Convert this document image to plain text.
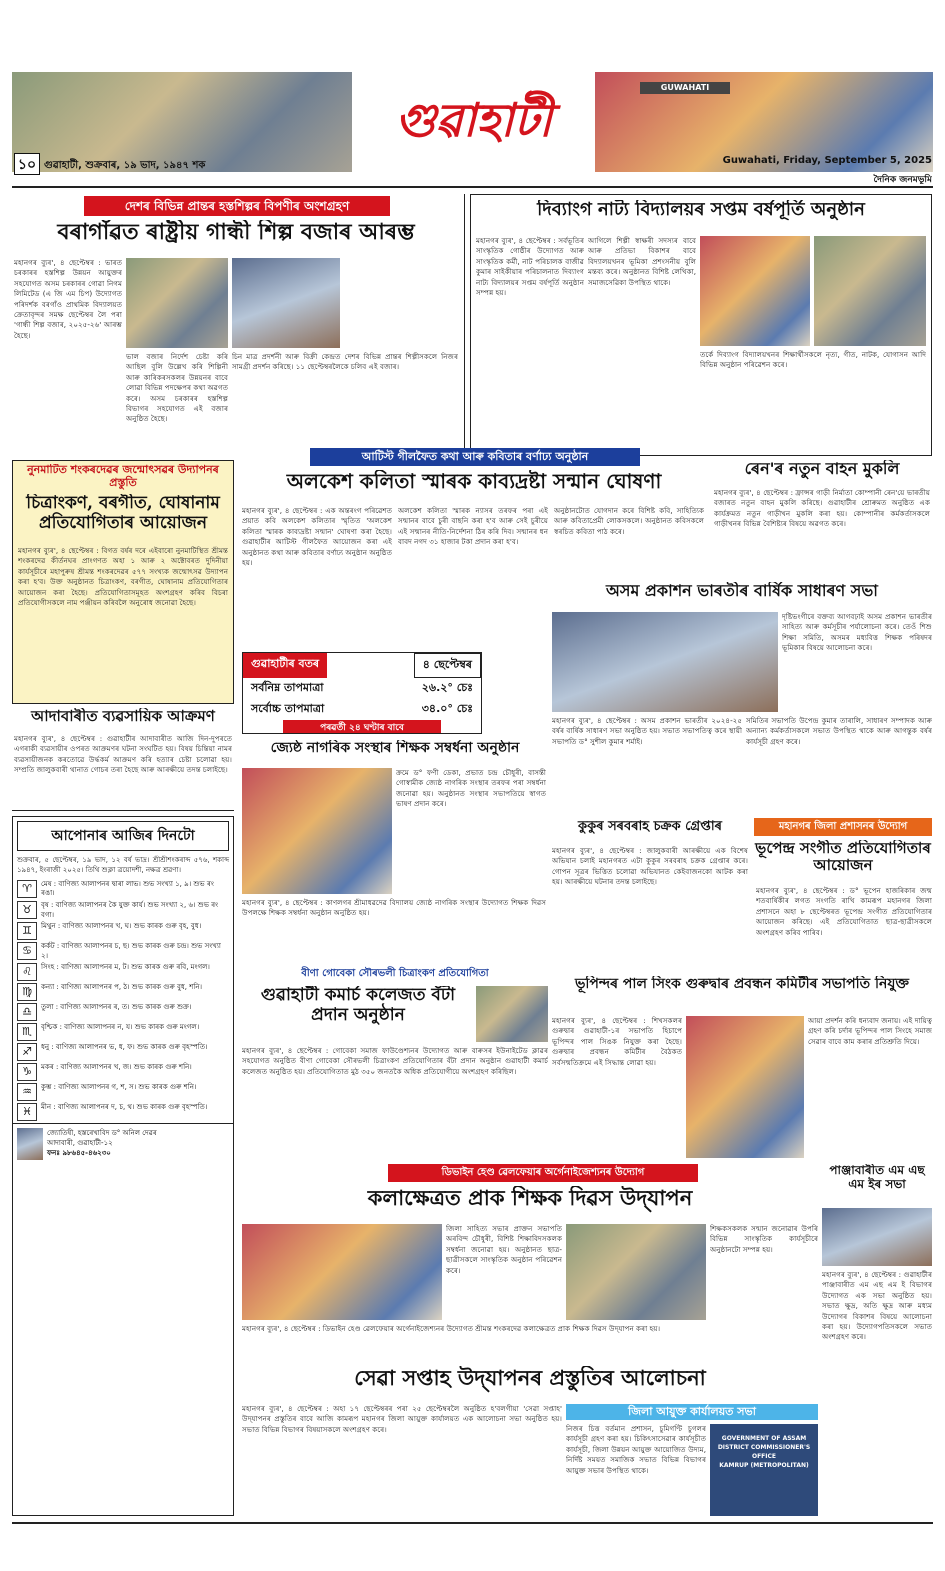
GUWAHATI
গুৱাহাটী
১০ গুৱাহাটী, শুক্ৰবাৰ, ১৯ ভাদ, ১৯৪৭ শক	Guwahati, Friday, September 5, 2025
দৈনিক জনমভূমি
দেশৰ বিভিন্ন প্ৰান্তৰ হস্তশিল্পৰ বিপণীৰ অংশগ্ৰহণ
বৰাগাঁৱত ৰাষ্ট্ৰীয় গান্ধী শিল্প বজাৰ আৰম্ভ
মহানগৰ ব্যুৰ', ৪ ছেপ্টেম্বৰ : ভাৰত চৰকাৰৰ হস্তশিল্প উন্নয়ন আয়ুক্তৰ সহযোগত অসম চৰকাৰৰ গোৱা নিগম লিমিটেড (এ জি এম চিপ) উদ্যোগত পৰিদৰ্শক বৰগাঁও প্ৰাথমিক বিদ্যালয়ত ক্ৰেতাবৃন্দৰ সমক্ষ ছেপ্টেম্বৰ লৈ পৰা 'গান্ধী শিল্প বজাৰ, ২০২৫-২৬' আৰম্ভ হৈছে।
ভাল বজাৰ নিৰ্দেশ চেষ্টা কৰি আছিল বুলি উল্লেখ কৰি শিল্পিনী আৰু কাৰিকৰসকলৰ উন্নয়নৰ বাবে লোৱা বিভিন্ন পদক্ষেপৰ কথা অৱগত কৰে। অসম চৰকাৰৰ হস্তশিল্প বিভাগৰ সহযোগত এই বজাৰ অনুষ্ঠিত হৈছে।
চিন মাত্ৰ প্ৰদৰ্শনী আৰু বিক্ৰী কেন্দ্ৰত দেশৰ বিভিন্ন প্ৰান্তৰ শিল্পীসকলে নিজৰ সামগ্ৰী প্ৰদৰ্শন কৰিছে। ১১ ছেপ্টেম্বৰলৈকে চলিব এই বজাৰ।
দিব্যাংগ নাট্য বিদ্যালয়ৰ সপ্তম বৰ্ষপূৰ্তি অনুষ্ঠান
মহানগৰ ব্যুৰ', ৪ ছেপ্টেম্বৰ : সৰ্বভূতিৰ সাংস্কৃতিক গোষ্ঠীৰ উদ্যোগত আৰু সাংস্কৃতিক কৰ্মী, নাট পৰিচালক বাজীৱ কুমাৰ সাইকীয়াৰ পৰিচালনাত দিব্যাংগ নাট্য বিদ্যালয়ৰ সপ্তম বৰ্ষপূৰ্তি অনুষ্ঠান সম্পন্ন হয়।
আগিলে শিল্পী স্বাক্ষৰী সদস্যৰ বাবে আৰু প্ৰতিভা বিকাশৰ বাবে বিদ্যালয়খনৰ ভূমিকা প্ৰশংসনীয় বুলি মন্তব্য কৰে। অনুষ্ঠানত বিশিষ্ট লেখিকা, সমাজসেৱিকা উপস্থিত থাকে।
তৰ্কে দিব্যাংগ বিদ্যালয়খনৰ শিক্ষাৰ্থীসকলে নৃত্য, গীত, নাটক, যোগাসন আদি বিভিন্ন অনুষ্ঠান পৰিৱেশন কৰে।
নুনমাটিত শংকৰদেৱৰ জন্মোৎসৱৰ উদ্যাপনৰ প্ৰস্তুতি
চিত্ৰাংকণ, বৰগীত, ঘোষানাম প্ৰতিযোগিতাৰ আয়োজন
মহানগৰ ব্যুৰ', ৪ ছেপ্টেম্বৰ : বিগত বৰ্ষৰ দৰে এইবাৰো নুনমাটিস্থিত শ্ৰীমন্ত শংকৰদেৱ কীৰ্তনঘৰ প্ৰাংগণত অহা ১ আৰু ২ অক্টোবৰত দুদিনীয়া কাৰ্যসূচীৰে মহাপুৰুষ শ্ৰীমন্ত শংকৰদেৱৰ ৫৭৭ সংখ্যক জন্মোৎসৱ উদ্যাপন কৰা হ'ব। উক্ত অনুষ্ঠানত চিত্ৰাংকণ, বৰগীত, ঘোষানাম প্ৰতিযোগিতাৰ আয়োজন কৰা হৈছে। প্ৰতিযোগিতাসমূহত অংশগ্ৰহণ কৰিব বিচৰা প্ৰতিযোগীসকলে নাম পঞ্জীয়ন কৰিবলৈ অনুৰোধ জনোৱা হৈছে।
আদাবাৰীত ব্যৱসায়িক আক্ৰমণ
মহানগৰ ব্যুৰ', ৪ ছেপ্টেম্বৰ : গুৱাহাটীৰ আদাবাৰীত আজি দিন-দুপৰতে এগৰাকী ব্যৱসায়ীৰ ওপৰত আক্ৰমণৰ ঘটনা সংঘটিত হয়। বিষয় চিন্তিয়া নামৰ ব্যৱসায়ীজনক কৰতোৱে উৰ্দ্ধকৰ্ম আক্ৰমণ কৰি হত্যাৰ চেষ্টা চলোৱা হয়। সম্প্ৰতি জালুকবাৰী থানাত গোচৰ তৰা হৈছে আৰু আৰক্ষীয়ে তদন্ত চলাইছে।
আটিস্ট গীলফৈত কথা আৰু কবিতাৰ বৰ্ণাঢ্য অনুষ্ঠান
অলকেশ কলিতা স্মাৰক কাব্যদ্ৰষ্টা সন্মান ঘোষণা
মহানগৰ ব্যুৰ', ৪ ছেপ্টেম্বৰ : এক অন্তৰংগ পৰিৱেশত প্ৰয়াত কবি অলকেশ কলিতাৰ স্মৃতিত 'অলকেশ কলিতা স্মাৰক কাব্যদ্ৰষ্টা সন্মান' ঘোষণা কৰা হৈছে। গুৱাহাটীৰ আটিস্ট গীলফৈত আয়োজন কৰা এই অনুষ্ঠানত কথা আৰু কবিতাৰ বৰ্ণাঢ্য অনুষ্ঠান অনুষ্ঠিত হয়।
অলকেশ কলিতা স্মাৰক ন্যাসৰ তৰফৰ পৰা এই সন্মানৰ বাবে চুৰী বাছনি কৰা হ'ব আৰু সেই চুৰীয়ে এই সন্মানৰ নীতি-নিৰ্দেশনা ঠিৰ কৰি দিব। সন্মানৰ ধন বাবদ নগদ ৩১ হাজাৰ টকা প্ৰদান কৰা হ'ব।
অনুষ্ঠানটোত যোগদান কৰে বিশিষ্ট কবি, সাহিত্যিক আৰু কবিতাপ্ৰেমী লোকসকলে। অনুষ্ঠানত কবিসকলে স্বৰচিত কবিতা পাঠ কৰে।
ৰেন'ৰ নতুন বাহন মুকলি
মহানগৰ ব্যুৰ', ৪ ছেপ্টেম্বৰ : ফ্ৰান্সৰ গাড়ী নিৰ্মাতা কোম্পানী ৰেন'য়ে ভাৰতীয় বজাৰত নতুন বাহন মুকলি কৰিছে। গুৱাহাটীৰ শ্ৰোৰুমত অনুষ্ঠিত এক কাৰ্যক্ৰমত নতুন গাড়ীখন মুকলি কৰা হয়। কোম্পানীৰ কৰ্মকৰ্তাসকলে গাড়ীখনৰ বিভিন্ন বৈশিষ্ট্যৰ বিষয়ে অৱগত কৰে।
অসম প্ৰকাশন ভাৰতীৰ বাৰ্ষিক সাধাৰণ সভা
দৃষ্টিভংগীৰে বক্তব্য আগবঢ়াই অসম প্ৰকাশন ভাৰতীৰ সাহিত্য আৰু কৰ্মসূচীৰ পৰ্যালোচনা কৰে। তেওঁ শিশু শিক্ষা সমিতি, অসমৰ মধ্যবিত্ত শিক্ষক পৰিষদৰ ভূমিকাৰ বিষয়ে আলোচনা কৰে।
মহানগৰ ব্যুৰ', ৪ ছেপ্টেম্বৰ : অসম প্ৰকাশন ভাৰতীৰ ২০২৪-২৫ বৰ্ষৰ বাৰ্ষিক সাধাৰণ সভা অনুষ্ঠিত হয়। সভাত সভাপতিত্ব কৰে স্থায়ী সভাপতি ড° সুশীল কুমাৰ শৰ্মাই।
সমিতিৰ সভাপতি উপেন্দ্ৰ কুমাৰ তাৰালি, সাধাৰণ সম্পাদক আৰু অন্যান্য কৰ্মকৰ্তাসকলে সভাত উপস্থিত থাকে আৰু আগন্তুক বৰ্ষৰ কাৰ্যসূচী গ্ৰহণ কৰে।
গুৱাহাটীৰ বতৰ	৪ ছেপ্টেম্বৰ
সৰ্বনিম্ন তাপমাত্ৰা	২৬.২° চেঃ
সৰ্বোচ্চ তাপমাত্ৰা	৩৪.০° চেঃ
পৰৱৰ্তী ২৪ ঘণ্টাৰ বাবে
জ্যেষ্ঠ নাগৰিক সংস্থাৰ শিক্ষক সম্বৰ্ধনা অনুষ্ঠান
ক্ৰমে ড° ফণী ডেকা, প্ৰভাত চন্দ্ৰ চৌধুৰী, বাসন্তী গোস্বামীক জ্যেষ্ঠ নাগৰিক সংস্থাৰ তৰফৰ পৰা সম্বৰ্ধনা জনোৱা হয়। অনুষ্ঠানত সংস্থাৰ সভাপতিয়ে স্বাগত ভাষণ প্ৰদান কৰে।
মহানগৰ ব্যুৰ', ৪ ছেপ্টেম্বৰ : কাণলগৰ শ্ৰীমাধৱদেৱ বিদ্যালয় জ্যেষ্ঠ নাগৰিক সংস্থাৰ উদ্যোগত শিক্ষক দিৱস উপলক্ষে শিক্ষক সম্বৰ্ধনা অনুষ্ঠান অনুষ্ঠিত হয়।
কুকুৰ সৰবৰাহ চক্ৰক গ্ৰেপ্তাৰ
মহানগৰ ব্যুৰ', ৪ ছেপ্টেম্বৰ : জালুকবাৰী আৰক্ষীয়ে এক বিশেষ অভিযান চলাই মহানগৰত এটা কুকুৰ সৰবৰাহ চক্ৰক গ্ৰেপ্তাৰ কৰে। গোপন সূত্ৰৰ ভিত্তিত চলোৱা অভিযানত কেইবাজনকো আটক কৰা হয়। আৰক্ষীয়ে ঘটনাৰ তদন্ত চলাইছে।
মহানগৰ জিলা প্ৰশাসনৰ উদ্যোগ
ভূপেন্দ্ৰ সংগীত প্ৰতিযোগিতাৰ আয়োজন
মহানগৰ ব্যুৰ', ৪ ছেপ্টেম্বৰ : ড° ভূপেন হাজৰিকাৰ জন্ম শতবাৰ্ষিকীৰ লগত সংগতি ৰাখি কামৰূপ মহানগৰ জিলা প্ৰশাসনে অহা ৮ ছেপ্টেম্বৰত ভূপেন্দ্ৰ সংগীত প্ৰতিযোগিতাৰ আয়োজন কৰিছে। এই প্ৰতিযোগিতাত ছাত্ৰ-ছাত্ৰীসকলে অংশগ্ৰহণ কৰিব পাৰিব।
আপোনাৰ আজিৰ দিনটো
শুক্ৰবাৰ, ৫ ছেপ্টেম্বৰ, ১৯ ভাদ, ১২ বৰ্ষ ভাদ্ৰ। শ্ৰীশ্ৰীশংকৰাব্দ ৫৭৬, শকাব্দ ১৯৪৭, ইংৰাজী ২০২৫। তিথি শুক্লা ত্ৰয়োদশী, নক্ষত্ৰ শ্ৰৱণা।
♈	মেষ : বাণিজ্য আলাপনৰ দ্বাৰা লাভ। শুভ সংখ্যা ১, ৯। শুভ ৰং ৰঙা।
♉	বৃষ : বাণিজ্য আলাপনৰ কৈ যুক্ত কাৰ্য। শুভ সংখ্যা ২, ৬। শুভ ৰং বগা।
♊	মিথুন : বাণিজ্য আলাপনৰ খ, ঘ। শুভ কাৰক গুৰু বৃহ, বুধ।
♋	কৰ্কট : বাণিজ্য আলাপনৰ চ, ছ। শুভ কাৰক গুৰু চন্দ্ৰ। শুভ সংখ্যা ২।
♌	সিংহ : বাণিজ্য আলাপনৰ ম, ট। শুভ কাৰক গুৰু ৰবি, মংগল।
♍	কন্যা : বাণিজ্য আলাপনৰ প, ঠ। শুভ কাৰক গুৰু বুধ, শনি।
♎	তুলা : বাণিজ্য আলাপনৰ ৰ, ত। শুভ কাৰক গুৰু শুক্ৰ।
♏	বৃশ্চিক : বাণিজ্য আলাপনৰ ন, য। শুভ কাৰক গুৰু মংগল।
♐	ধনু : বাণিজ্য আলাপনৰ ভ, ধ, ফ। শুভ কাৰক গুৰু বৃহস্পতি।
♑	মকৰ : বাণিজ্য আলাপনৰ খ, জ। শুভ কাৰক গুৰু শনি।
♒	কুম্ভ : বাণিজ্য আলাপনৰ গ, শ, স। শুভ কাৰক গুৰু শনি।
♓	মীন : বাণিজ্য আলাপনৰ দ, চ, থ। শুভ কাৰক গুৰু বৃহস্পতি।
জ্যোতিষী, হস্তৰেখাবিদ ড° অনিল দেৱৰ
আদাবাৰী, গুৱাহাটী-১২
ফনঃ ৯৮৬৪৫-৪৬২৩০
বীণা গোবেকা সৌৰভলী চিত্ৰাংকণ প্ৰতিযোগিতা
গুৱাহাটী কমাৰ্চ কলেজত বঁটা প্ৰদান অনুষ্ঠান
মহানগৰ ব্যুৰ', ৪ ছেপ্টেম্বৰ : গোবেকা সমাজ ফাউণ্ডেশ্যনৰ উদ্যোগত আৰু বাৰুসৰ ইউনাইটেড ক্লাৱৰ সহযোগত অনুষ্ঠিত বীণা গোবেকা সৌৰভলী চিত্ৰাংকণ প্ৰতিযোগিতাৰ বঁটা প্ৰদান অনুষ্ঠান গুৱাহাটী কমাৰ্চ কলেজত অনুষ্ঠিত হয়। প্ৰতিযোগিতাত মুঠ ৩৫০ জনতকৈ অধিক প্ৰতিযোগীয়ে অংশগ্ৰহণ কৰিছিল।
ভূপিন্দৰ পাল সিংক গুৰুদ্বাৰ প্ৰবন্ধন কমিটীৰ সভাপতি নিযুক্ত
মহানগৰ ব্যুৰ', ৪ ছেপ্টেম্বৰ : শিখসকলৰ গুৰুদ্বাৰ গুৱাহাটী-১ৰ সভাপতি হিচাপে ভূপিন্দৰ পাল সিঙক নিযুক্ত কৰা হৈছে। গুৰুদ্বাৰ প্ৰবন্ধন কমিটীৰ বৈঠকত সৰ্বসন্মতিক্ৰমে এই সিদ্ধান্ত লোৱা হয়।
আয়া প্ৰদৰ্শন কৰি ধন্যবাদ জনায়। এই দায়িত্ব গ্ৰহণ কৰি চৰ্দাৰ ভূপিন্দৰ পাল সিংহে সমাজ সেৱাৰ বাবে কাম কৰাৰ প্ৰতিশ্ৰুতি দিয়ে।
পাঞ্জাবাৰীত এম এছ এম ইৰ সভা
মহানগৰ ব্যুৰ', ৪ ছেপ্টেম্বৰ : গুৱাহাটীৰ পাঞ্জাবাৰীত এম এছ এম ই বিভাগৰ উদ্যোগত এক সভা অনুষ্ঠিত হয়। সভাত ক্ষুদ্ৰ, অতি ক্ষুদ্ৰ আৰু মধ্যম উদ্যোগৰ বিকাশৰ বিষয়ে আলোচনা কৰা হয়। উদ্যোগপতিসকলে সভাত অংশগ্ৰহণ কৰে।
ডিভাইন হেণ্ড ৱেলফেয়াৰ অৰ্গেনাইজেশ্যনৰ উদ্যোগ
কলাক্ষেত্ৰত প্ৰাক শিক্ষক দিৱস উদ্‌যাপন
জিলা সাহিত্য সভাৰ প্ৰাক্তন সভাপতি অৰবিন্দ চৌধুৰী, বিশিষ্ট শিক্ষাবিদসকলক সম্বৰ্ধনা জনোৱা হয়। অনুষ্ঠানত ছাত্ৰ-ছাত্ৰীসকলে সাংস্কৃতিক অনুষ্ঠান পৰিৱেশন কৰে।
শিক্ষকসকলক সন্মান জনোৱাৰ উপৰি বিভিন্ন সাংস্কৃতিক কাৰ্যসূচীৰে অনুষ্ঠানটো সম্পন্ন হয়।
মহানগৰ ব্যুৰ', ৪ ছেপ্টেম্বৰ : ডিভাইন হেণ্ড ৱেলফেয়াৰ অৰ্গেনাইজেশ্যনৰ উদ্যোগত শ্ৰীমন্ত শংকৰদেৱ কলাক্ষেত্ৰত প্ৰাক শিক্ষক দিৱস উদ্‌যাপন কৰা হয়।
সেৱা সপ্তাহ উদ্‌যাপনৰ প্ৰস্তুতিৰ আলোচনা
মহানগৰ ব্যুৰ', ৪ ছেপ্টেম্বৰ : অহা ১৭ ছেপ্টেম্বৰৰ পৰা ২৫ ছেপ্টেম্বৰলৈ অনুষ্ঠিত হ'বলগীয়া 'সেৱা সপ্তাহ' উদ্‌যাপনৰ প্ৰস্তুতিৰ বাবে আজি কামৰূপ মহানগৰ জিলা আয়ুক্ত কাৰ্যালয়ত এক আলোচনা সভা অনুষ্ঠিত হয়। সভাত বিভিন্ন বিভাগৰ বিষয়াসকলে অংশগ্ৰহণ কৰে।
জিলা আয়ুক্ত কাৰ্যালয়ত সভা
নিজৰ চিত্ত বৰ্তমান প্ৰশাসন, চুমিগণ্টি চুগলৰ কাৰ্যসূচী গ্ৰহণ কৰা হয়। চিকিৎসাসেৱাৰ কাৰ্যসূচীত কাৰ্যসূচী, জিলা উন্নয়ন আয়ুক্ত আয়োজিত উদ্যম, নিৰ্দিষ্ট সময়ত সমাজিক সভাত বিভিন্ন বিভাগৰ আয়ুক্ত সভাৰ উপস্থিত থাকে।
GOVERNMENT OF ASSAM
DISTRICT COMMISSIONER'S OFFICE
KAMRUP (METROPOLITAN)
